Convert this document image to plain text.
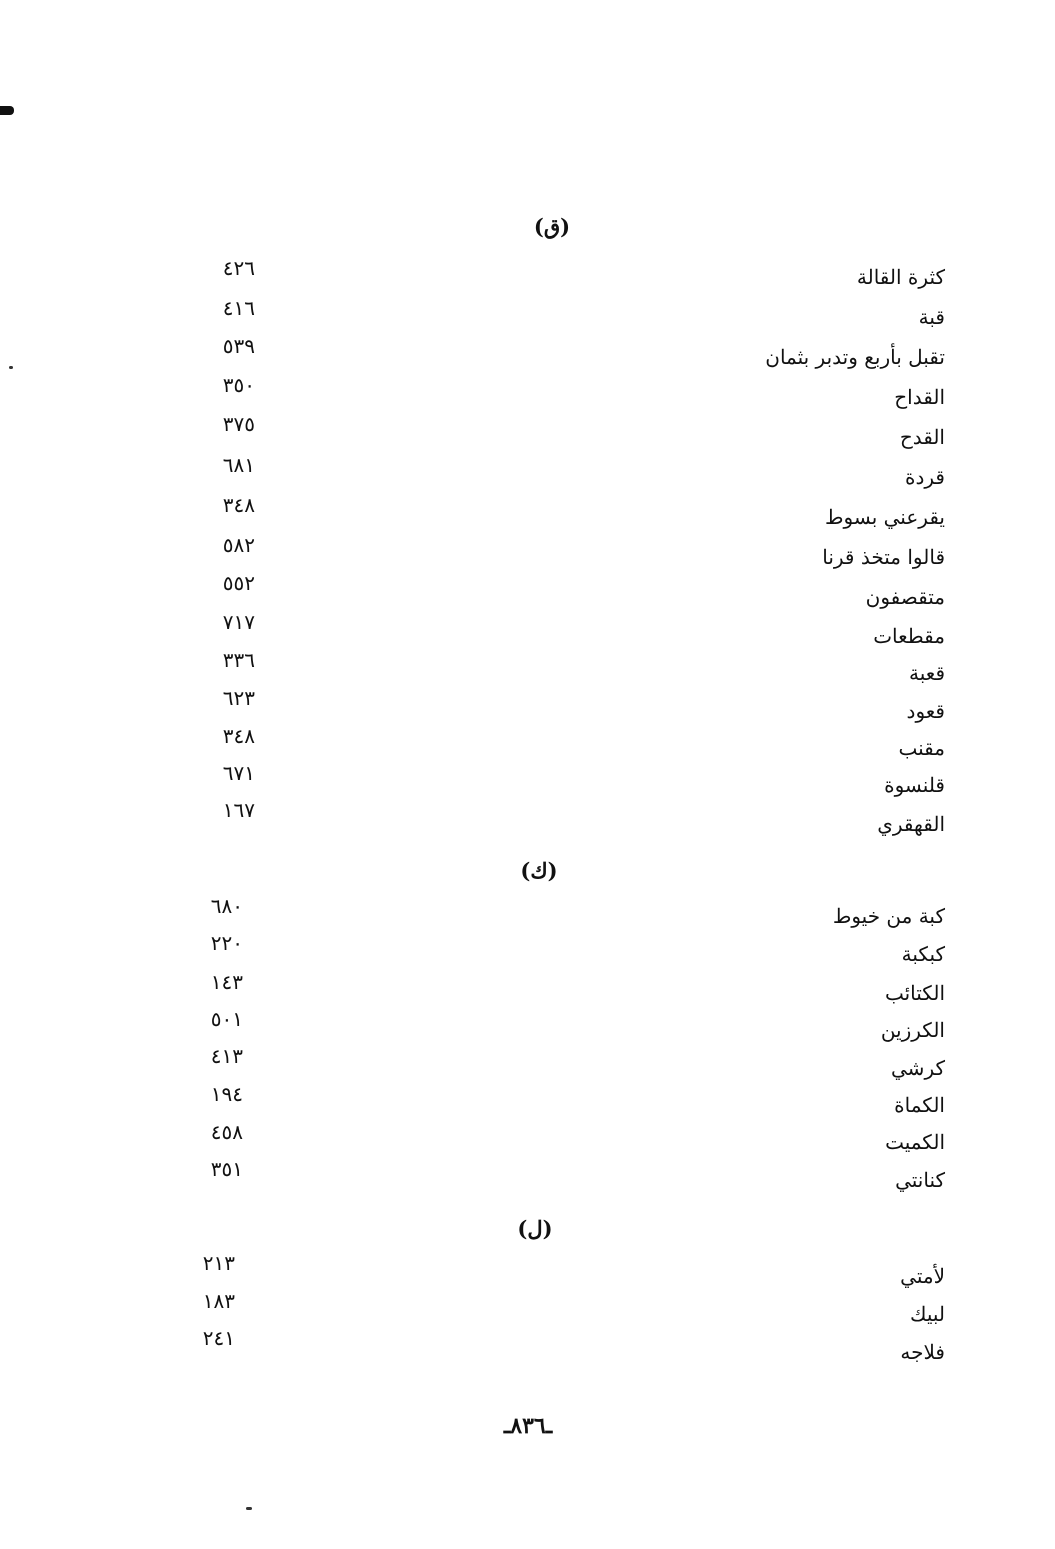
(ق)
كثرة القالة
٤٢٦
قبة
٤١٦
تقبل بأربع وتدبر بثمان
٥٣٩
القداح
٣٥٠
القدح
٣٧٥
قردة
٦٨١
يقرعني بسوط
٣٤٨
قالوا متخذ قرنا
٥٨٢
متقصفون
٥٥٢
مقطعات
٧١٧
قعبة
٣٣٦
قعود
٦٢٣
مقنب
٣٤٨
قلنسوة
٦٧١
القهقري
١٦٧
(ك)
كبة من خيوط
٦٨٠
كبكبة
٢٢٠
الكتائب
١٤٣
الكرزين
٥٠١
كرشي
٤١٣
الكماة
١٩٤
الكميت
٤٥٨
كنانتي
٣٥١
(ل)
لأمتي
٢١٣
لبيك
١٨٣
فلاجه
٢٤١
ـ٨٣٦ـ
